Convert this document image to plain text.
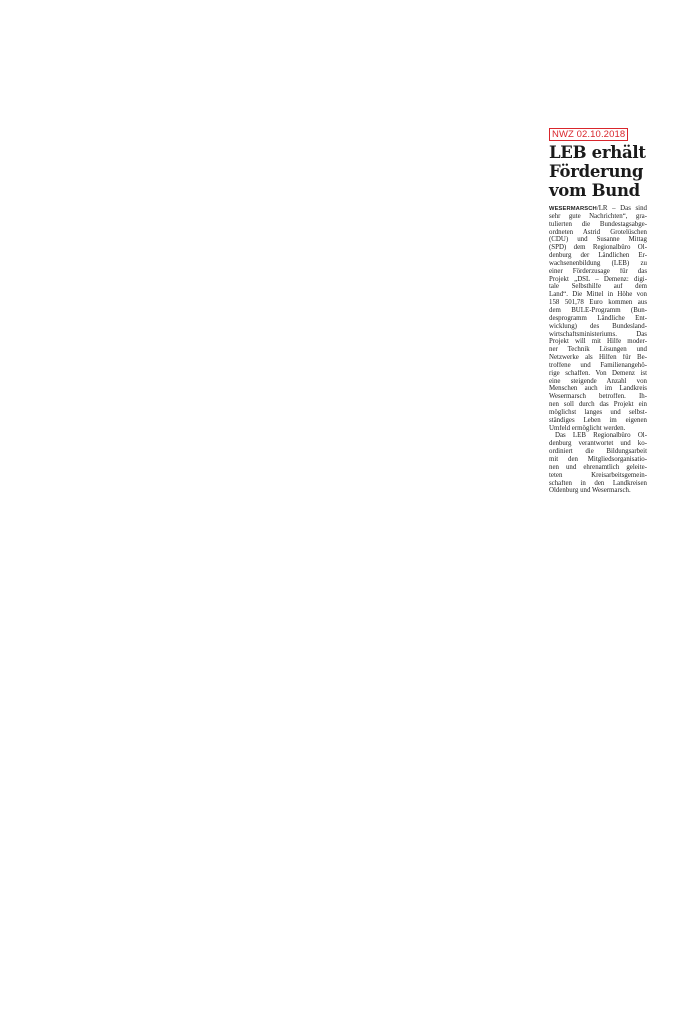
NWZ 02.10.2018
LEB erhält
Förderung
vom Bund
WESERMARSCH/LR – Das sind
sehr gute Nachrichten“, gra-
tulierten die Bundestagsabge-
ordneten Astrid Grotelüschen
(CDU) und Susanne Mittag
(SPD) dem Regionalbüro Ol-
denburg der Ländlichen Er-
wachsenenbildung (LEB) zu
einer Förderzusage für das
Projekt „DSL – Demenz: digi-
tale Selbsthilfe auf dem
Land“. Die Mittel in Höhe von
158 501,78 Euro kommen aus
dem BULE-Programm (Bun-
desprogramm Ländliche Ent-
wicklung) des Bundesland-
wirtschaftsministeriums. Das
Projekt will mit Hilfe moder-
ner Technik Lösungen und
Netzwerke als Hilfen für Be-
troffene und Familienangehö-
rige schaffen. Von Demenz ist
eine steigende Anzahl von
Menschen auch im Landkreis
Wesermarsch betroffen. Ih-
nen soll durch das Projekt ein
möglichst langes und selbst-
ständiges Leben im eigenen
Umfeld ermöglicht werden.
Das LEB Regionalbüro Ol-
denburg verantwortet und ko-
ordiniert die Bildungsarbeit
mit den Mitgliedsorganisatio-
nen und ehrenamtlich geleite-
teten Kreisarbeitsgemein-
schaften in den Landkreisen
Oldenburg und Wesermarsch.
